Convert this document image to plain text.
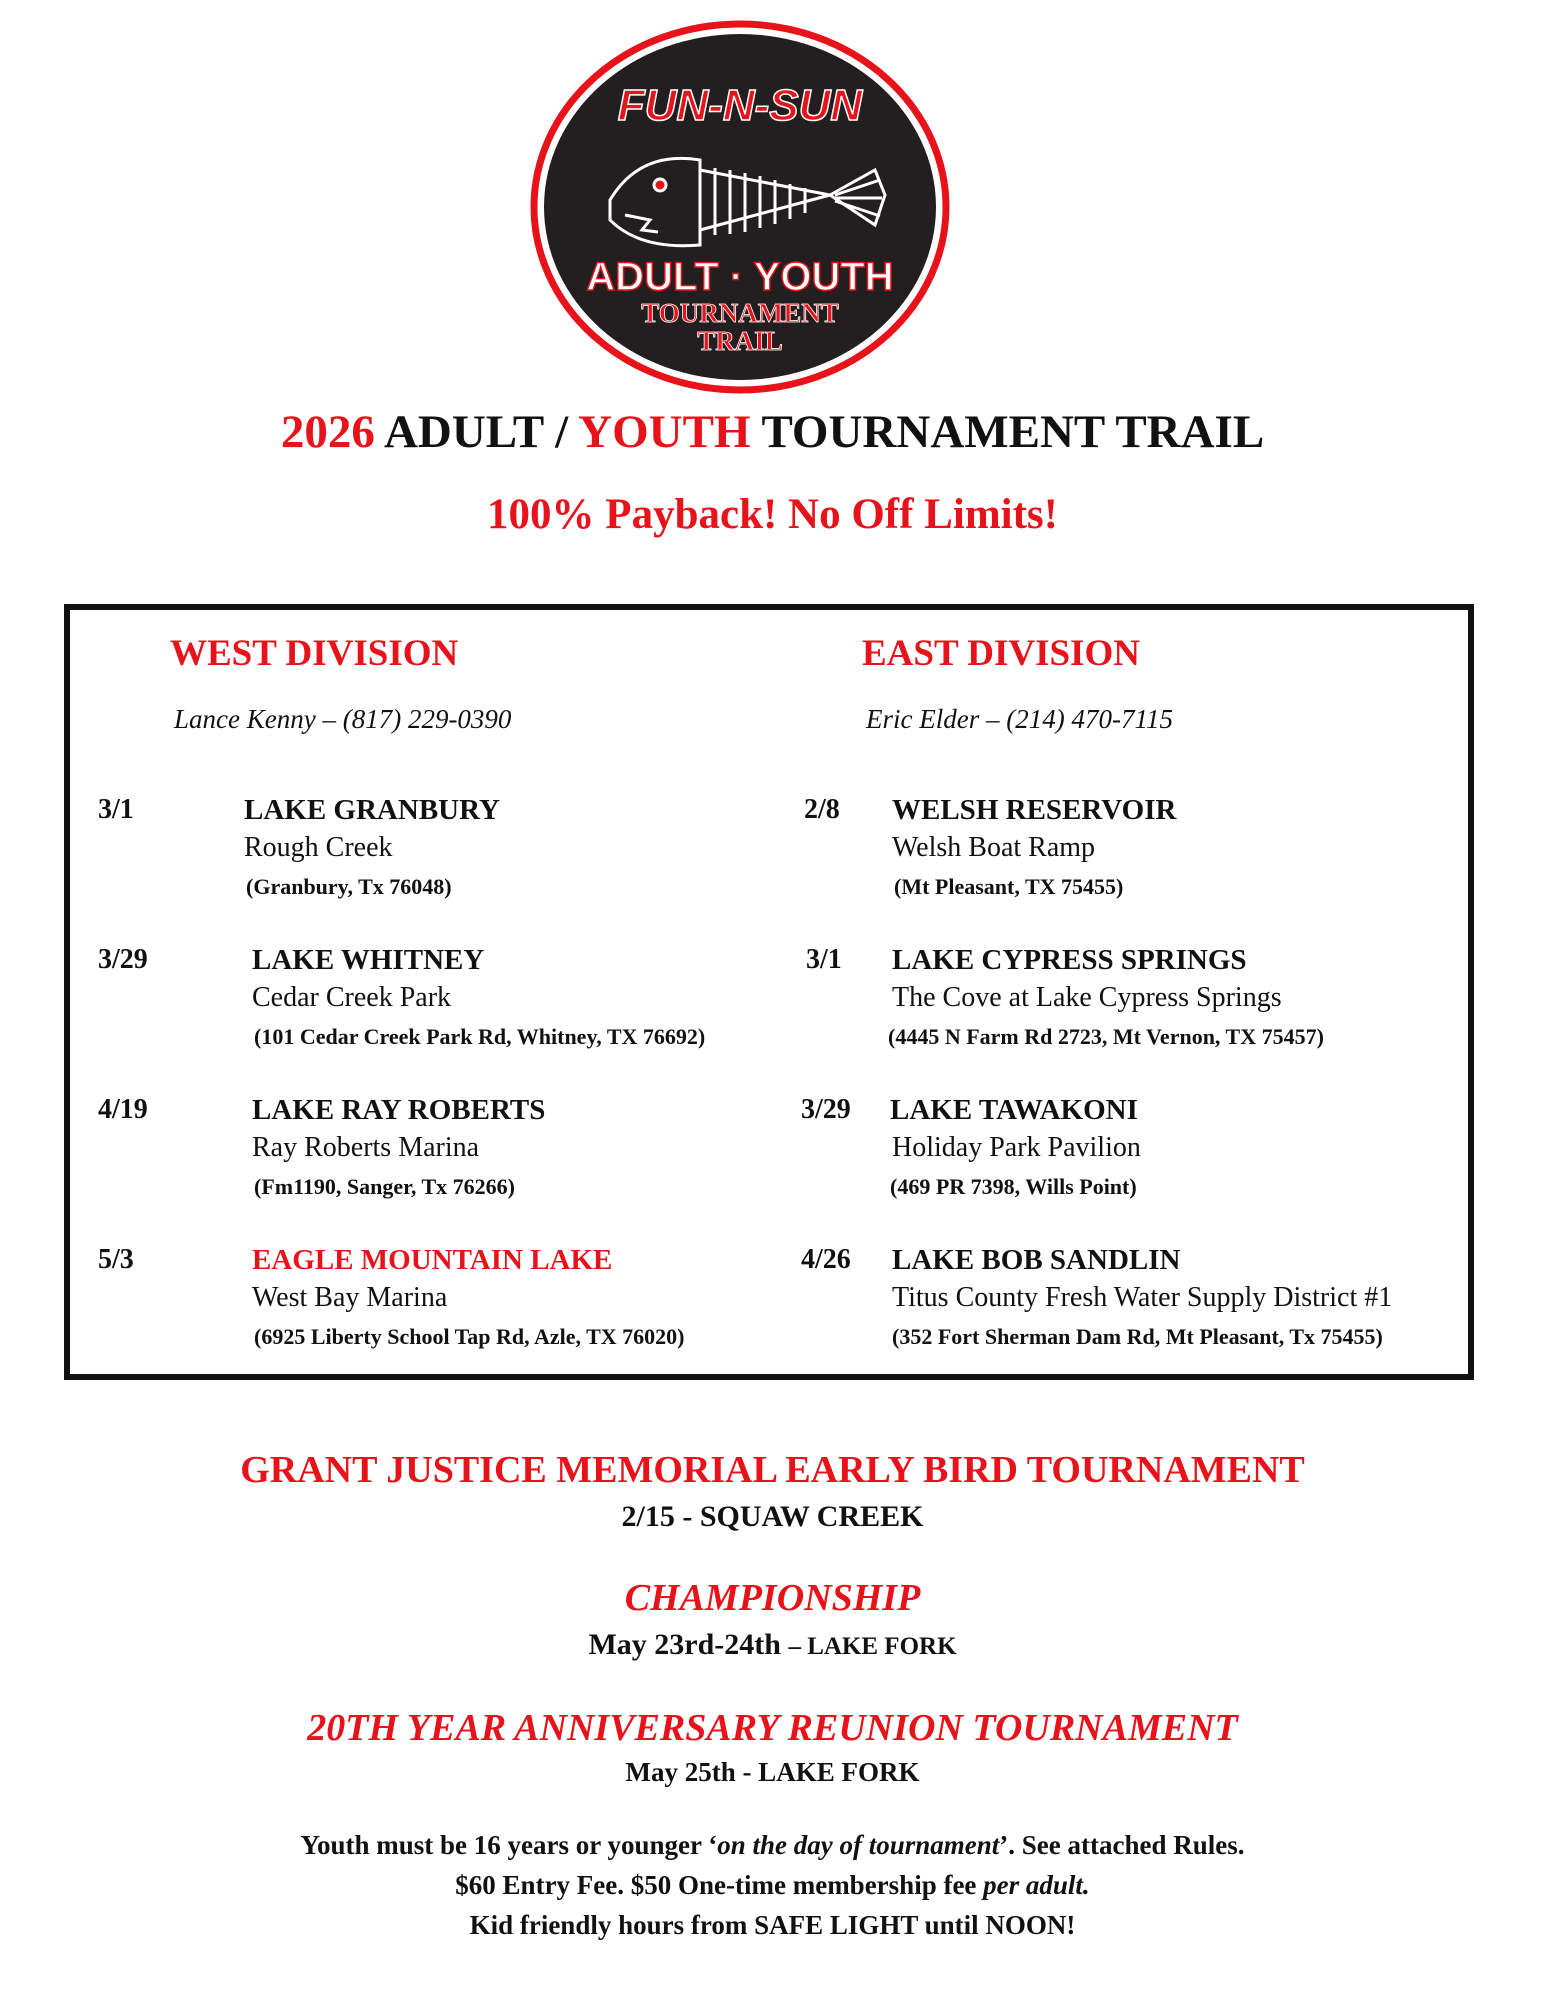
FUN-N-SUN
ADULT · YOUTH
TOURNAMENT
TRAIL
2026 ADULT / YOUTH TOURNAMENT TRAIL
100% Payback! No Off Limits!
WEST DIVISION
Lance Kenny – (817) 229-0390
EAST DIVISION
Eric Elder – (214) 470-7115
3/1	LAKE GRANBURY
Rough Creek
(Granbury, Tx 76048)
3/29	LAKE WHITNEY
Cedar Creek Park
(101 Cedar Creek Park Rd, Whitney, TX 76692)
4/19	LAKE RAY ROBERTS
Ray Roberts Marina
(Fm1190, Sanger, Tx 76266)
5/3	EAGLE MOUNTAIN LAKE
West Bay Marina
(6925 Liberty School Tap Rd, Azle, TX 76020)
2/8 WELSH RESERVOIR
Welsh Boat Ramp
(Mt Pleasant, TX 75455)
3/1 LAKE CYPRESS SPRINGS
The Cove at Lake Cypress Springs
(4445 N Farm Rd 2723, Mt Vernon, TX 75457)
3/29 LAKE TAWAKONI
Holiday Park Pavilion
(469 PR 7398, Wills Point)
4/26 LAKE BOB SANDLIN
Titus County Fresh Water Supply District #1
(352 Fort Sherman Dam Rd, Mt Pleasant, Tx 75455)
GRANT JUSTICE MEMORIAL EARLY BIRD TOURNAMENT
2/15 - SQUAW CREEK
CHAMPIONSHIP
May 23rd-24th – LAKE FORK
20TH YEAR ANNIVERSARY REUNION TOURNAMENT
May 25th - LAKE FORK
Youth must be 16 years or younger ‘on the day of tournament’. See attached Rules.
$60 Entry Fee. $50 One-time membership fee per adult.
Kid friendly hours from SAFE LIGHT until NOON!
